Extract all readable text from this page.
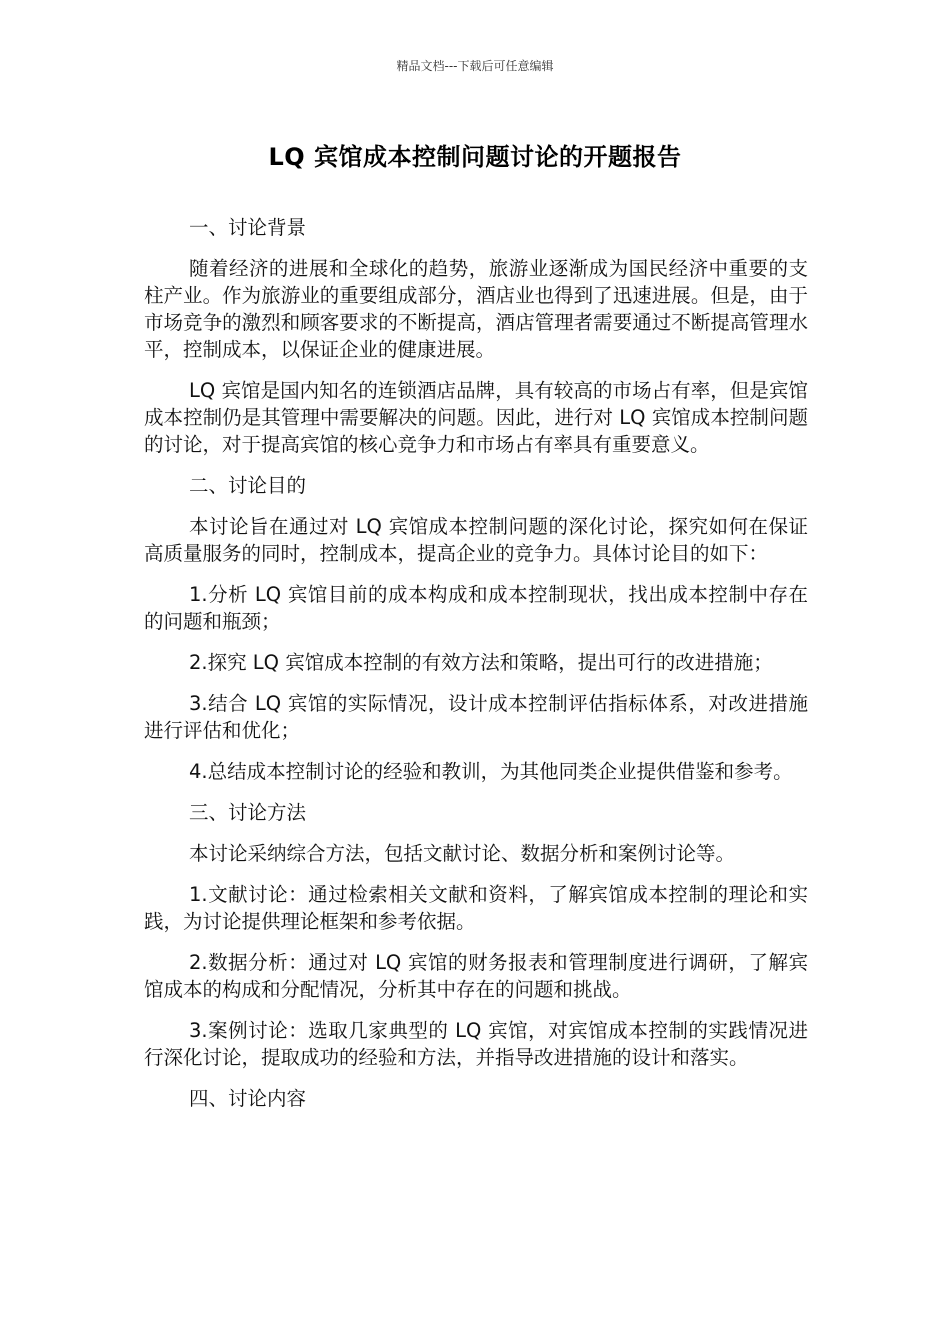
精品文档---下载后可任意编辑
LQ 宾馆成本控制问题讨论的开题报告

一、讨论背景

随着经济的进展和全球化的趋势，旅游业逐渐成为国民经济中重要的支柱产业。作为旅游业的重要组成部分，酒店业也得到了迅速进展。但是，由于市场竞争的激烈和顾客要求的不断提高，酒店管理者需要通过不断提高管理水平，控制成本，以保证企业的健康进展。

LQ 宾馆是国内知名的连锁酒店品牌，具有较高的市场占有率，但是宾馆成本控制仍是其管理中需要解决的问题。因此，进行对 LQ 宾馆成本控制问题的讨论，对于提高宾馆的核心竞争力和市场占有率具有重要意义。

二、讨论目的

本讨论旨在通过对 LQ 宾馆成本控制问题的深化讨论，探究如何在保证高质量服务的同时，控制成本，提高企业的竞争力。具体讨论目的如下：

1.分析 LQ 宾馆目前的成本构成和成本控制现状，找出成本控制中存在的问题和瓶颈；

2.探究 LQ 宾馆成本控制的有效方法和策略，提出可行的改进措施；

3.结合 LQ 宾馆的实际情况，设计成本控制评估指标体系，对改进措施进行评估和优化；

4.总结成本控制讨论的经验和教训，为其他同类企业提供借鉴和参考。

三、讨论方法

本讨论采纳综合方法，包括文献讨论、数据分析和案例讨论等。

1.文献讨论：通过检索相关文献和资料，了解宾馆成本控制的理论和实践，为讨论提供理论框架和参考依据。

2.数据分析：通过对 LQ 宾馆的财务报表和管理制度进行调研，了解宾馆成本的构成和分配情况，分析其中存在的问题和挑战。

3.案例讨论：选取几家典型的 LQ 宾馆，对宾馆成本控制的实践情况进行深化讨论，提取成功的经验和方法，并指导改进措施的设计和落实。

四、讨论内容
